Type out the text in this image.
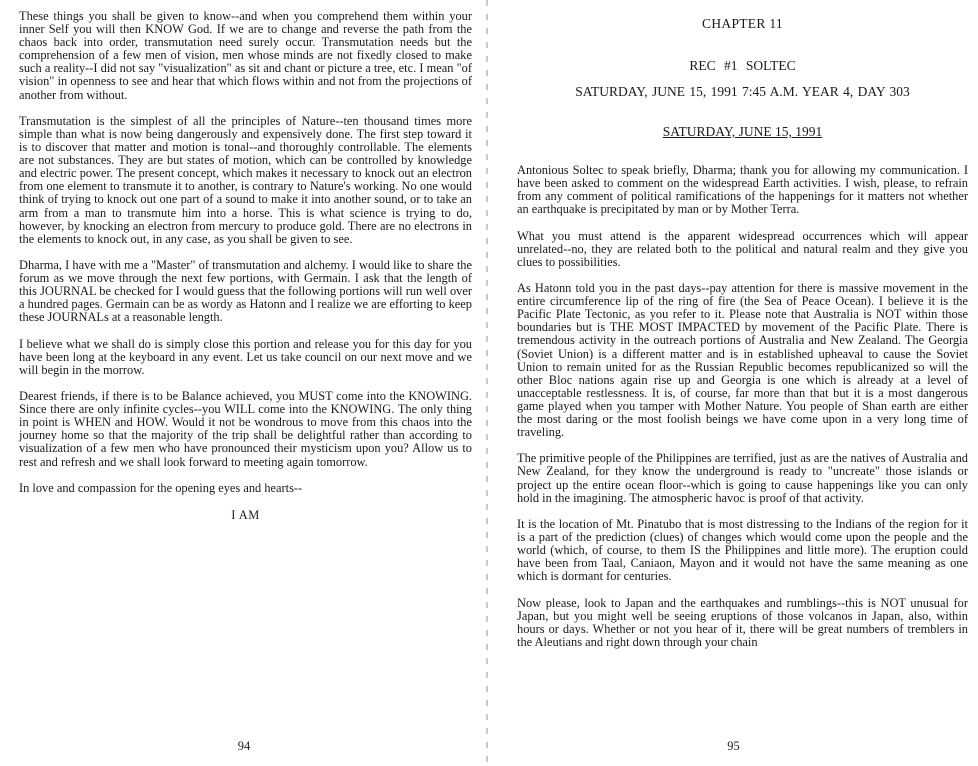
These things you shall be given to know--and when you comprehend them within your inner Self you will then KNOW God. If we are to change and reverse the path from the chaos back into order, transmutation need surely occur. Transmutation needs but the comprehension of a few men of vision, men whose minds are not fixedly closed to make such a reality--I did not say "visualization" as sit and chant or picture a tree, etc. I mean "of vision" in openness to see and hear that which flows within and not from the projections of another from without.

Transmutation is the simplest of all the principles of Nature--ten thousand times more simple than what is now being dangerously and expensively done. The first step toward it is to discover that matter and motion is tonal--and thoroughly controllable. The elements are not substances. They are but states of motion, which can be controlled by knowledge and electric power. The present concept, which makes it necessary to knock out an electron from one element to transmute it to another, is contrary to Nature's working. No one would think of trying to knock out one part of a sound to make it into another sound, or to take an arm from a man to transmute him into a horse. This is what science is trying to do, however, by knocking an electron from mercury to produce gold. There are no electrons in the elements to knock out, in any case, as you shall be given to see.

Dharma, I have with me a "Master" of transmutation and alchemy. I would like to share the forum as we move through the next few portions, with Germain. I ask that the length of this JOURNAL be checked for I would guess that the following portions will run well over a hundred pages. Germain can be as wordy as Hatonn and I realize we are efforting to keep these JOURNALs at a reasonable length.

I believe what we shall do is simply close this portion and release you for this day for you have been long at the keyboard in any event. Let us take council on our next move and we will begin in the morrow.

Dearest friends, if there is to be Balance achieved, you MUST come into the KNOWING. Since there are only infinite cycles--you WILL come into the KNOWING. The only thing in point is WHEN and HOW. Would it not be wondrous to move from this chaos into the journey home so that the majority of the trip shall be delightful rather than according to visualization of a few men who have pronounced their mysticism upon you? Allow us to rest and refresh and we shall look forward to meeting again tomorrow.

In love and compassion for the opening eyes and hearts--

I AM
94
CHAPTER 11
REC #1 SOLTEC
SATURDAY, JUNE 15, 1991 7:45 A.M. YEAR 4, DAY 303
SATURDAY, JUNE 15, 1991

Antonious Soltec to speak briefly, Dharma; thank you for allowing my communication. I have been asked to comment on the widespread Earth activities. I wish, please, to refrain from any comment of political ramifications of the happenings for it matters not whether an earthquake is precipitated by man or by Mother Terra.

What you must attend is the apparent widespread occurrences which will appear unrelated--no, they are related both to the political and natural realm and they give you clues to possibilities.

As Hatonn told you in the past days--pay attention for there is massive movement in the entire circumference lip of the ring of fire (the Sea of Peace Ocean). I believe it is the Pacific Plate Tectonic, as you refer to it. Please note that Australia is NOT within those boundaries but is THE MOST IMPACTED by movement of the Pacific Plate. There is tremendous activity in the outreach portions of Australia and New Zealand. The Georgia (Soviet Union) is a different matter and is in established upheaval to cause the Soviet Union to remain united for as the Russian Republic becomes republicanized so will the other Bloc nations again rise up and Georgia is one which is already at a level of unacceptable restlessness. It is, of course, far more than that but it is a most dangerous game played when you tamper with Mother Nature. You people of Shan earth are either the most daring or the most foolish beings we have come upon in a very long time of traveling.

The primitive people of the Philippines are terrified, just as are the natives of Australia and New Zealand, for they know the underground is ready to "uncreate" those islands or project up the entire ocean floor--which is going to cause happenings like you can only hold in the imagining. The atmospheric havoc is proof of that activity.

It is the location of Mt. Pinatubo that is most distressing to the Indians of the region for it is a part of the prediction (clues) of changes which would come upon the people and the world (which, of course, to them IS the Philippines and little more). The eruption could have been from Taal, Caniaon, Mayon and it would not have the same meaning as one which is dormant for centuries.

Now please, look to Japan and the earthquakes and rumblings--this is NOT unusual for Japan, but you might well be seeing eruptions of those volcanos in Japan, also, within hours or days. Whether or not you hear of it, there will be great numbers of tremblers in the Aleutians and right down through your chain

95
